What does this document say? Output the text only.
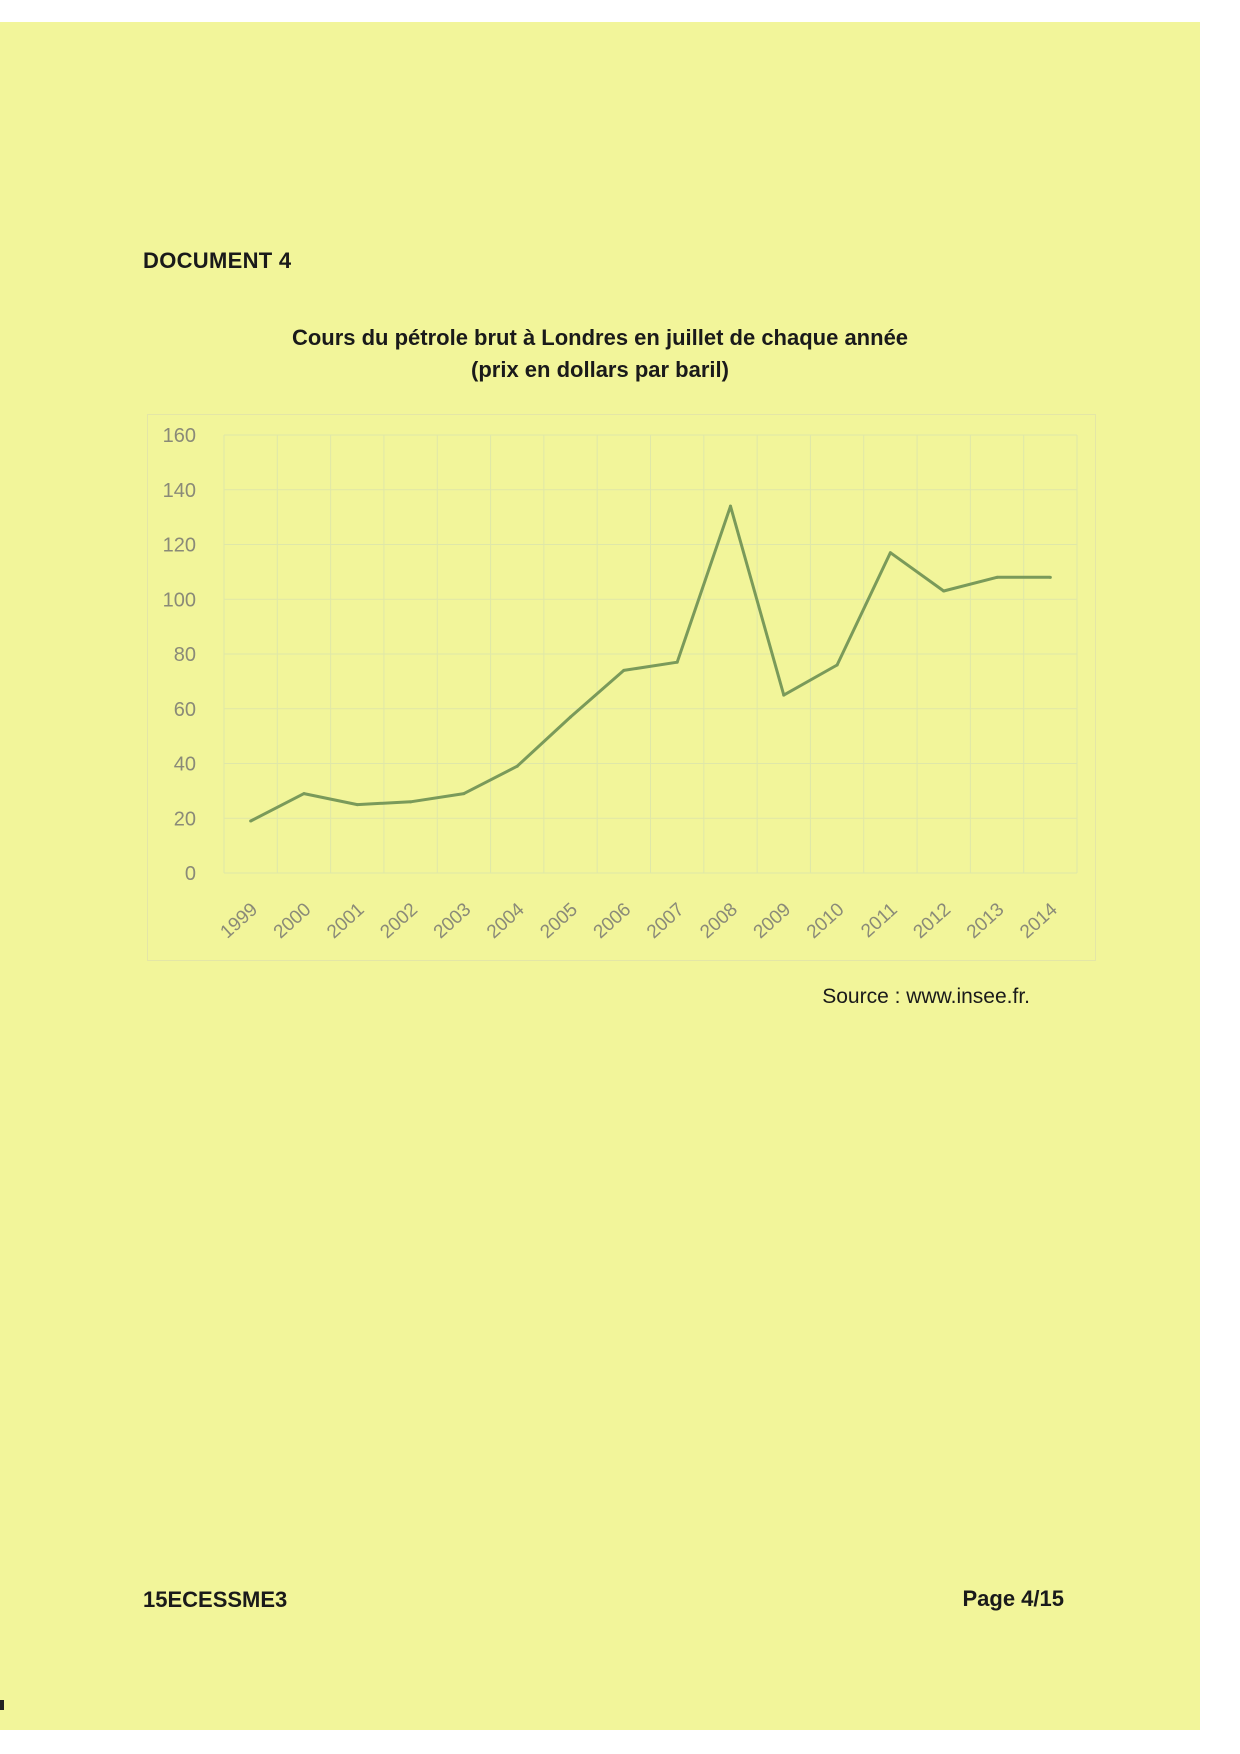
DOCUMENT 4
Cours du pétrole brut à Londres en juillet de chaque année
(prix en dollars par baril)
0
20
40
60
80
100
120
140
160
1999 2000 2001 2002 2003 2004 2005 2006 2007 2008 2009 2010 2011 2012 2013 2014
Source : www.insee.fr.
15ECESSME3	Page 4/15
